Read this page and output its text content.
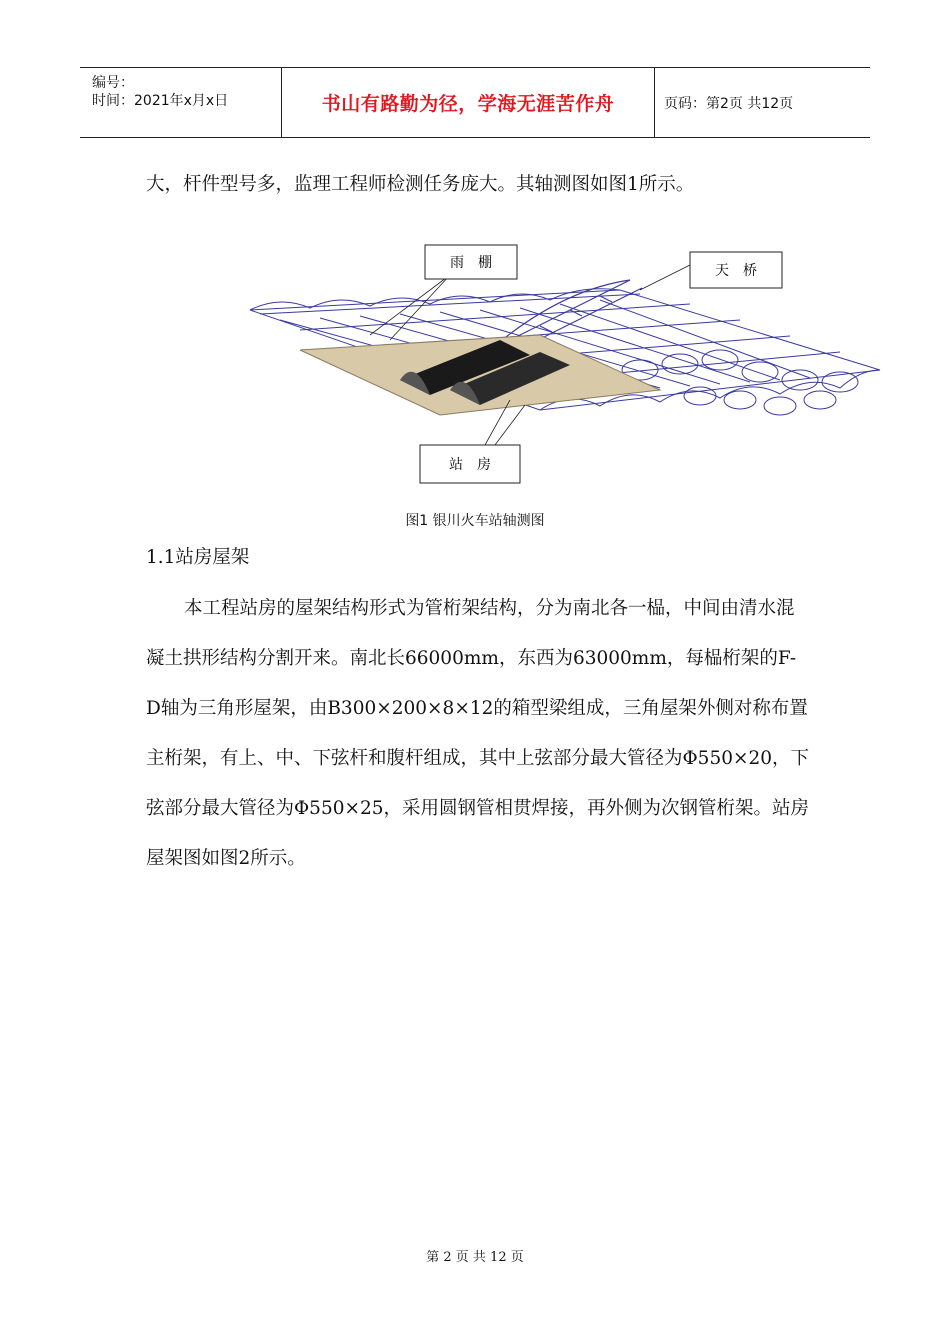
编号：
时间：2021年x月x日	书山有路勤为径，学海无涯苦作舟	页码：第2页 共12页

大，杆件型号多，监理工程师检测任务庞大。其轴测图如图1所示。

雨　棚	天　桥
站　房
图1 银川火车站轴测图
1.1站房屋架

本工程站房的屋架结构形式为管桁架结构，分为南北各一榀，中间由清水混凝土拱形结构分割开来。南北长66000mm，东西为63000mm，每榀桁架的F-D轴为三角形屋架，由B300×200×8×12的箱型梁组成，三角屋架外侧对称布置主桁架，有上、中、下弦杆和腹杆组成，其中上弦部分最大管径为Φ550×20，下弦部分最大管径为Φ550×25，采用圆钢管相贯焊接，再外侧为次钢管桁架。站房屋架图如图2所示。

第 2 页 共 12 页
